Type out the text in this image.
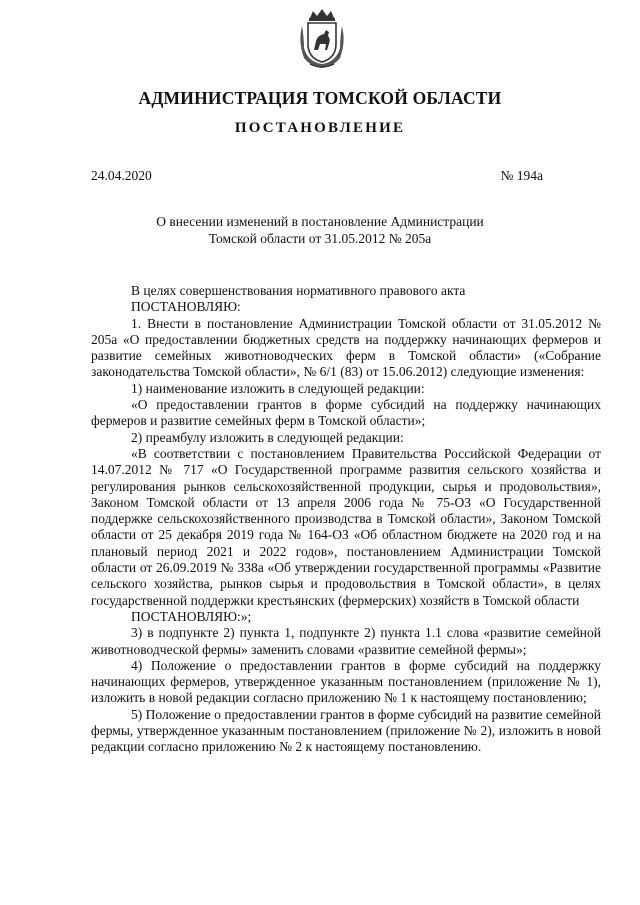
АДМИНИСТРАЦИЯ ТОМСКОЙ ОБЛАСТИ
ПОСТАНОВЛЕНИЕ
24.04.2020	№ 194а
О внесении изменений в постановление Администрации
Томской области от 31.05.2012 № 205а

В целях совершенствования нормативного правового акта

ПОСТАНОВЛЯЮ:

1. Внести в постановление Администрации Томской области от 31.05.2012 № 205а «О предоставлении бюджетных средств на поддержку начинающих фермеров и развитие семейных животноводческих ферм в Томской области» («Собрание законодательства Томской области», № 6/1 (83) от 15.06.2012) следующие изменения:

1) наименование изложить в следующей редакции:

«О предоставлении грантов в форме субсидий на поддержку начинающих фермеров и развитие семейных ферм в Томской области»;

2) преамбулу изложить в следующей редакции:

«В соответствии с постановлением Правительства Российской Федерации от 14.07.2012 № 717 «О Государственной программе развития сельского хозяйства и регулирования рынков сельскохозяйственной продукции, сырья и продовольствия», Законом Томской области от 13 апреля 2006 года № 75-ОЗ «О Государственной поддержке сельскохозяйственного производства в Томской области», Законом Томской области от 25 декабря 2019 года № 164-ОЗ «Об областном бюджете на 2020 год и на плановый период 2021 и 2022 годов», постановлением Администрации Томской области от 26.09.2019 № 338а «Об утверждении государственной программы «Развитие сельского хозяйства, рынков сырья и продовольствия в Томской области», в целях государственной поддержки крестьянских (фермерских) хозяйств в Томской области

ПОСТАНОВЛЯЮ:»;

3) в подпункте 2) пункта 1, подпункте 2) пункта 1.1 слова «развитие семейной животноводческой фермы» заменить словами «развитие семейной фермы»;

4) Положение о предоставлении грантов в форме субсидий на поддержку начинающих фермеров, утвержденное указанным постановлением (приложение № 1), изложить в новой редакции согласно приложению № 1 к настоящему постановлению;

5) Положение о предоставлении грантов в форме субсидий на развитие семейной фермы, утвержденное указанным постановлением (приложение № 2), изложить в новой редакции согласно приложению № 2 к настоящему постановлению.
